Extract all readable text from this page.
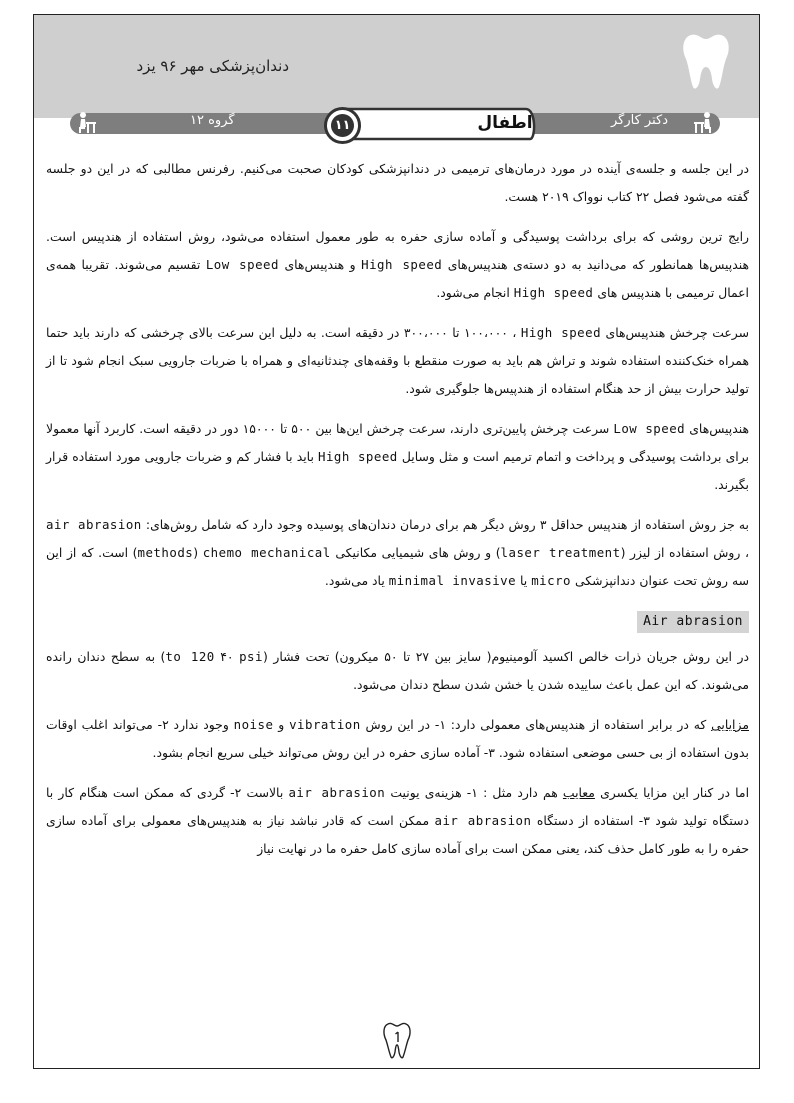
دندان‌پزشکی مهر ۹۶ یزد
دکتر کارگر
گروه ۱۲	۱۱	اطفال

در این جلسه و جلسه‌ی آینده در مورد درمان‌های ترمیمی در دندانپزشکی کودکان صحبت می‌کنیم. رفرنس مطالبی که در این دو جلسه گفته می‌شود فصل ۲۲ کتاب نوواک ۲۰۱۹ هست.

رایج ترین روشی که برای برداشت پوسیدگی و آماده سازی حفره به طور معمول استفاده می‌شود، روش استفاده از هندپیس است. هندپیس‌ها همانطور که می‌دانید به دو دسته‌ی هندپیس‌های High speed و هندپیس‌های Low speed تقسیم می‌شوند. تقریبا همه‌ی اعمال ترمیمی با هندپیس های High speed انجام می‌شود.

سرعت چرخش هندپیس‌های High speed ، ۱۰۰،۰۰۰ تا ۳۰۰،۰۰۰ در دقیقه است. به دلیل این سرعت بالای چرخشی که دارند باید حتما همراه خنک‌کننده استفاده شوند و تراش هم باید به صورت منقطع با وقفه‌های چندثانیه‌ای و همراه با ضربات جارویی سبک انجام شود تا از تولید حرارت بیش از حد هنگام استفاده از هندپیس‌ها جلوگیری شود.

هندپیس‌های Low speed سرعت چرخش پایین‌تری دارند، سرعت چرخش این‌ها بین ۵۰۰ تا ۱۵۰۰۰ دور در دقیقه است. کاربرد آنها معمولا برای برداشت پوسیدگی و پرداخت و اتمام ترمیم است و مثل وسایل High speed باید با فشار کم و ضربات جارویی مورد استفاده قرار بگیرند.

به جز روش استفاده از هندپیس حداقل ۳ روش دیگر هم برای درمان دندان‌های پوسیده وجود دارد که شامل روش‌های: air abrasion ، روش استفاده از لیزر (laser treatment) و روش های شیمیایی مکانیکی chemo mechanical (methods) است. که از این سه روش تحت عنوان دندانپزشکی micro یا minimal invasive یاد می‌شود.

Air abrasion

در این روش جریان ذرات خالص اکسید آلومینیوم( سایز بین ۲۷ تا ۵۰ میکرون) تحت فشار (psi ۴۰ to 120) به سطح دندان رانده می‌شوند. که این عمل باعث ساییده شدن یا خشن شدن سطح دندان می‌شود.

مزایایی که در برابر استفاده از هندپیس‌های معمولی دارد: ۱- در این روش vibration و noise وجود ندارد ۲- می‌تواند اغلب اوقات بدون استفاده از بی حسی موضعی استفاده شود. ۳- آماده سازی حفره در این روش می‌تواند خیلی سریع انجام بشود.

اما در کنار این مزایا یکسری معایب هم دارد مثل : ۱- هزینه‌ی یونیت air abrasion بالاست ۲- گردی که ممکن است هنگام کار با دستگاه تولید شود ۳- استفاده از دستگاه air abrasion ممکن است که قادر نباشد نیاز به هندپیس‌های معمولی برای آماده سازی حفره را به طور کامل حذف کند، یعنی ممکن است برای آماده سازی کامل حفره ما در نهایت نیاز
